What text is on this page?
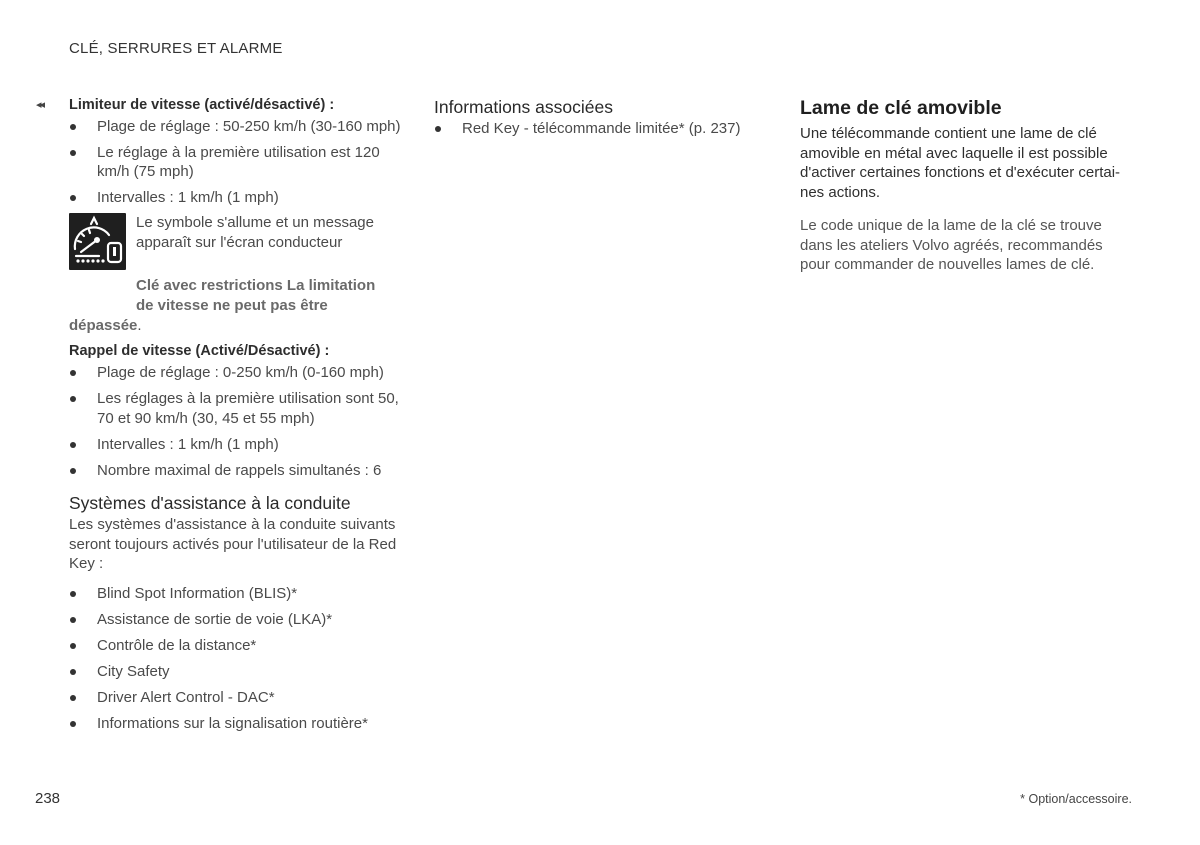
CLÉ, SERRURES ET ALARME
◂◂ Limiteur de vitesse (activé/désactivé) :
Plage de réglage : 50-250 km/h (30-160 mph)
Le réglage à la première utilisation est 120 km/h (75 mph)
Intervalles : 1 km/h (1 mph)
Le symbole s'allume et un message apparaît sur l'écran conducteur
Clé avec restrictions La limitation
de vitesse ne peut pas être
dépassée.
Rappel de vitesse (Activé/Désactivé) :
Plage de réglage : 0-250 km/h (0-160 mph)
Les réglages à la première utilisation sont 50, 70 et 90 km/h (30, 45 et 55 mph)
Intervalles : 1 km/h (1 mph)
Nombre maximal de rappels simultanés : 6
Systèmes d'assistance à la conduite

Les systèmes d'assistance à la conduite suivants seront toujours activés pour l'utilisateur de la Red Key :

Blind Spot Information (BLIS)*
Assistance de sortie de voie (LKA)*
Contrôle de la distance*
City Safety
Driver Alert Control - DAC*
Informations sur la signalisation routière*
Informations associées
Red Key - télécommande limitée* (p. 237)
Lame de clé amovible

Une télécommande contient une lame de clé amovible en métal avec laquelle il est possible d'activer certaines fonctions et d'exécuter certai-nes actions.

Le code unique de la lame de la clé se trouve dans les ateliers Volvo agréés, recommandés pour commander de nouvelles lames de clé.

238	* Option/accessoire.
